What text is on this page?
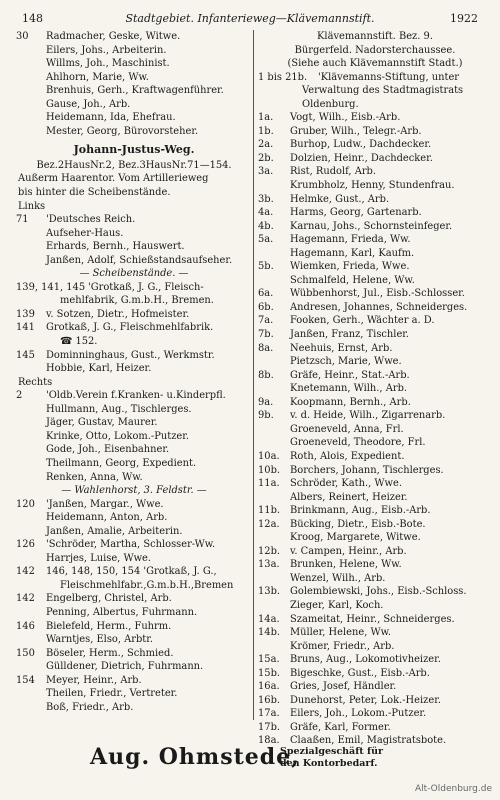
148	Stadtgebiet. Infanterieweg—Klävemannstift.	1922
30 Radmacher, Geske, Witwe.
Eilers, Johs., Arbeiterin.
Willms, Joh., Maschinist.
Ahlhorn, Marie, Ww.
Brenhuis, Gerh., Kraftwagenführer.
Gause, Joh., Arb.
Heidemann, Ida, Ehefrau.
Mester, Georg, Bürovorsteher.
Johann-Justus-Weg.
Bez.2HausNr.2, Bez.3HausNr.71—154.
Außerm Haarentor. Vom Artillerieweg
bis hinter die Scheibenstände.
Links
71 'Deutsches Reich.
Aufseher-Haus.
Erhards, Bernh., Hauswert.
Janßen, Adolf, Schießstandsaufseher.
— Scheibenstände. —
139, 141, 145 'Grotkaß, J. G., Fleisch-
mehlfabrik, G.m.b.H., Bremen.
139 v. Sotzen, Dietr., Hofmeister.
141 Grotkaß, J. G., Fleischmehlfabrik.
☎ 152.
145 Dominninghaus, Gust., Werkmstr.
Hobbie, Karl, Heizer.
Rechts
2 'Oldb.Verein f.Kranken- u.Kinderpfl.
Hullmann, Aug., Tischlerges.
Jäger, Gustav, Maurer.
Krinke, Otto, Lokom.-Putzer.
Gode, Joh., Eisenbahner.
Theilmann, Georg, Expedient.
Renken, Anna, Ww.
— Wahlenhorst, 3. Feldstr. —
120 'Janßen, Margar., Wwe.
Heidemann, Anton, Arb.
Janßen, Amalie, Arbeiterin.
126 'Schröder, Martha, Schlosser-Ww.
Harrjes, Luise, Wwe.
142 146, 148, 150, 154 'Grotkaß, J. G.,
Fleischmehlfabr.,G.m.b.H.,Bremen
142 Engelberg, Christel, Arb.
Penning, Albertus, Fuhrmann.
146 Bielefeld, Herm., Fuhrm.
Warntjes, Elso, Arbtr.
150 Böseler, Herm., Schmied.
Gülldener, Dietrich, Fuhrmann.
154 Meyer, Heinr., Arb.
Theilen, Friedr., Vertreter.
Boß, Friedr., Arb.
Klävemannstift. Bez. 9.
Bürgerfeld. Nadorsterchaussee.
(Siehe auch Klävemannstift Stadt.)
1 bis 21b. 'Klävemanns-Stiftung, unter
Verwaltung des Stadtmagistrats
Oldenburg.
1a. Vogt, Wilh., Eisb.-Arb.
1b. Gruber, Wilh., Telegr.-Arb.
2a. Burhop, Ludw., Dachdecker.
2b. Dolzien, Heinr., Dachdecker.
3a. Rist, Rudolf, Arb.
Krumbholz, Henny, Stundenfrau.
3b. Helmke, Gust., Arb.
4a. Harms, Georg, Gartenarb.
4b. Karnau, Johs., Schornsteinfeger.
5a. Hagemann, Frieda, Ww.
Hagemann, Karl, Kaufm.
5b. Wiemken, Frieda, Wwe.
Schmalfeld, Helene, Ww.
6a. Wübbenhorst, Jul., Eisb.-Schlosser.
6b. Andresen, Johannes, Schneiderges.
7a. Fooken, Gerh., Wächter a. D.
7b. Janßen, Franz, Tischler.
8a. Neehuis, Ernst, Arb.
Pietzsch, Marie, Wwe.
8b. Gräfe, Heinr., Stat.-Arb.
Knetemann, Wilh., Arb.
9a. Koopmann, Bernh., Arb.
9b. v. d. Heide, Wilh., Zigarrenarb.
Groeneveld, Anna, Frl.
Groeneveld, Theodore, Frl.
10a. Roth, Alois, Expedient.
10b. Borchers, Johann, Tischlerges.
11a. Schröder, Kath., Wwe.
Albers, Reinert, Heizer.
11b. Brinkmann, Aug., Eisb.-Arb.
12a. Bücking, Dietr., Eisb.-Bote.
Kroog, Margarete, Witwe.
12b. v. Campen, Heinr., Arb.
13a. Brunken, Helene, Ww.
Wenzel, Wilh., Arb.
13b. Golembiewski, Johs., Eisb.-Schloss.
Zieger, Karl, Koch.
14a. Szameitat, Heinr., Schneiderges.
14b. Müller, Helene, Ww.
Krömer, Friedr., Arb.
15a. Bruns, Aug., Lokomotivheizer.
15b. Bigeschke, Gust., Eisb.-Arb.
16a. Gries, Josef, Händler.
16b. Dunehorst, Peter, Lok.-Heizer.
17a. Eilers, Joh., Lokom.-Putzer.
17b. Gräfe, Karl, Former.
18a. Claaßen, Emil, Magistratsbote.
Aug. Ohmstede,
Spezialgeschäft für
den Kontorbedarf.
Alt-Oldenburg.de
